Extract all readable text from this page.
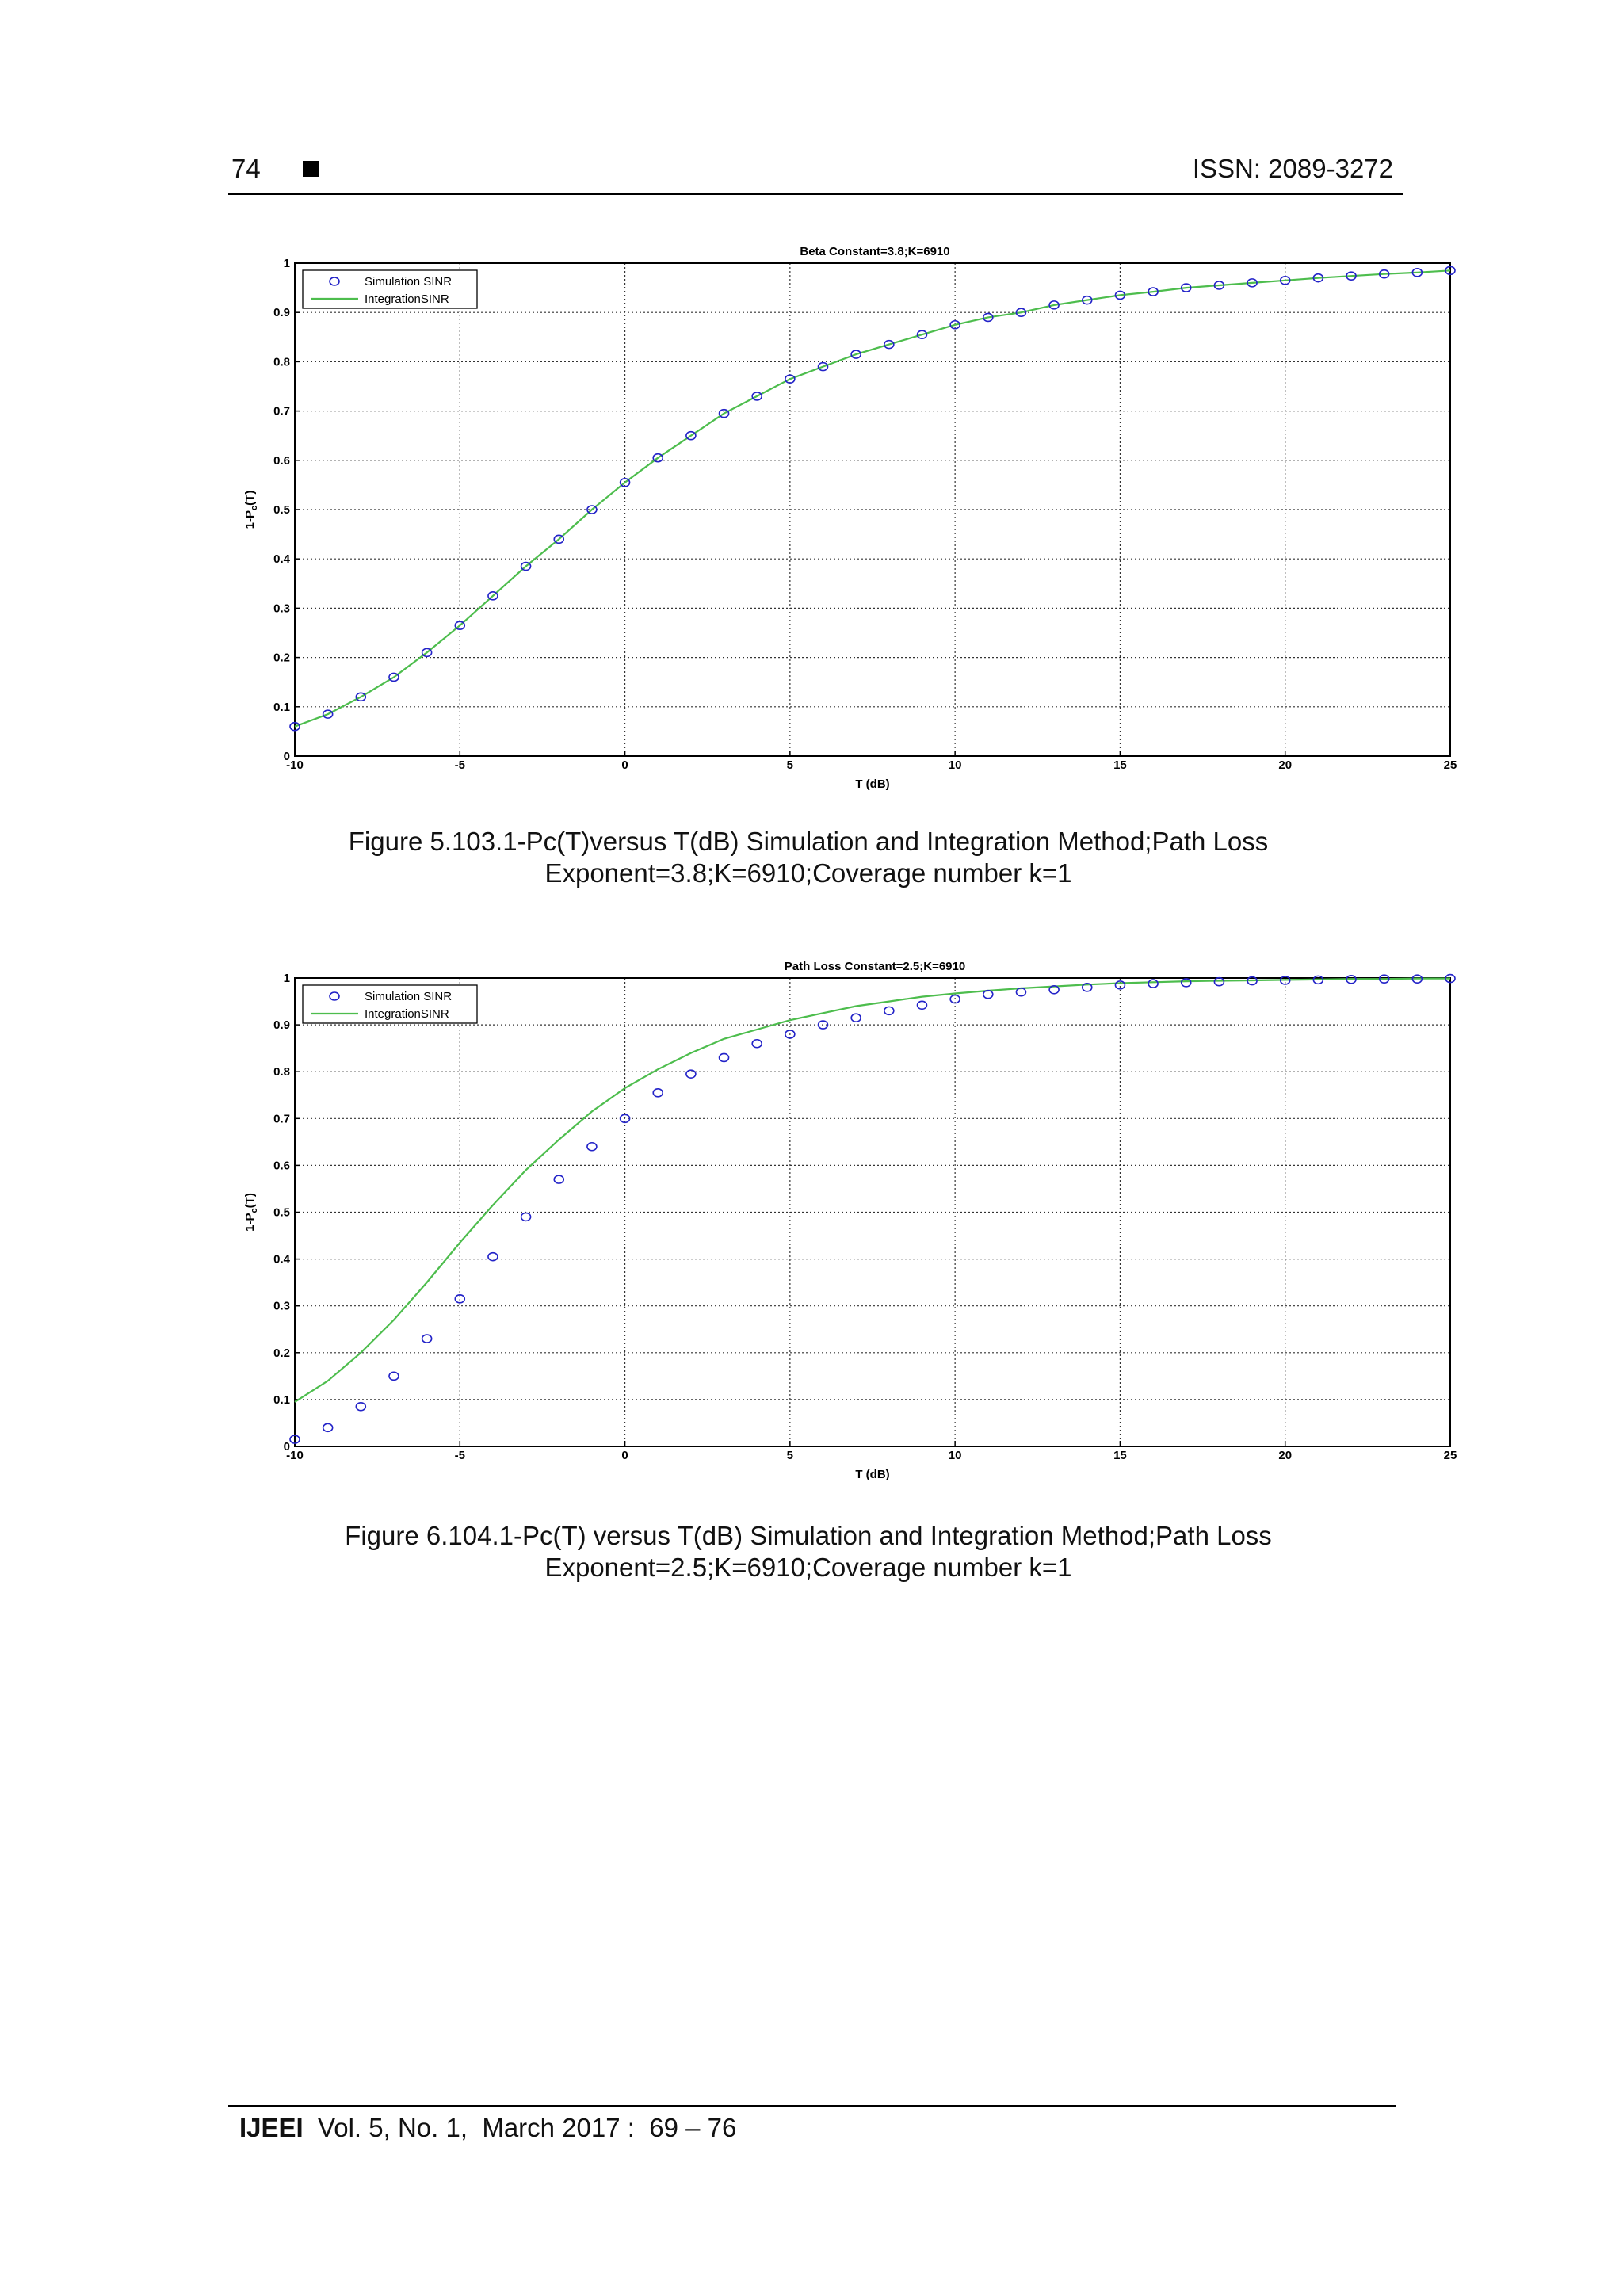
74	ISSN: 2089-3272
-10	-5	0	5	10	15	20	25
0
0.1
0.2
0.3
0.4
0.5
0.6
0.7
0.8
0.9
1
Beta Constant=3.8;K=6910
T (dB)
$1-P_c(T)$
Simulation SINR
IntegrationSINR
Figure 5.103.1-Pc(T)versus T(dB) Simulation and Integration Method;Path Loss
Exponent=3.8;K=6910;Coverage number k=1
-10	-5	0	5	10	15	20	25
0
0.1
0.2
0.3
0.4
0.5
0.6
0.7
0.8
0.9
1
Path Loss Constant=2.5;K=6910
T (dB)
$1-P_c(T)$
Simulation SINR
IntegrationSINR
Figure 6.104.1-Pc(T) versus T(dB) Simulation and Integration Method;Path Loss
Exponent=2.5;K=6910;Coverage number k=1
IJEEI  Vol. 5, No. 1,  March 2017 :  69 – 76
